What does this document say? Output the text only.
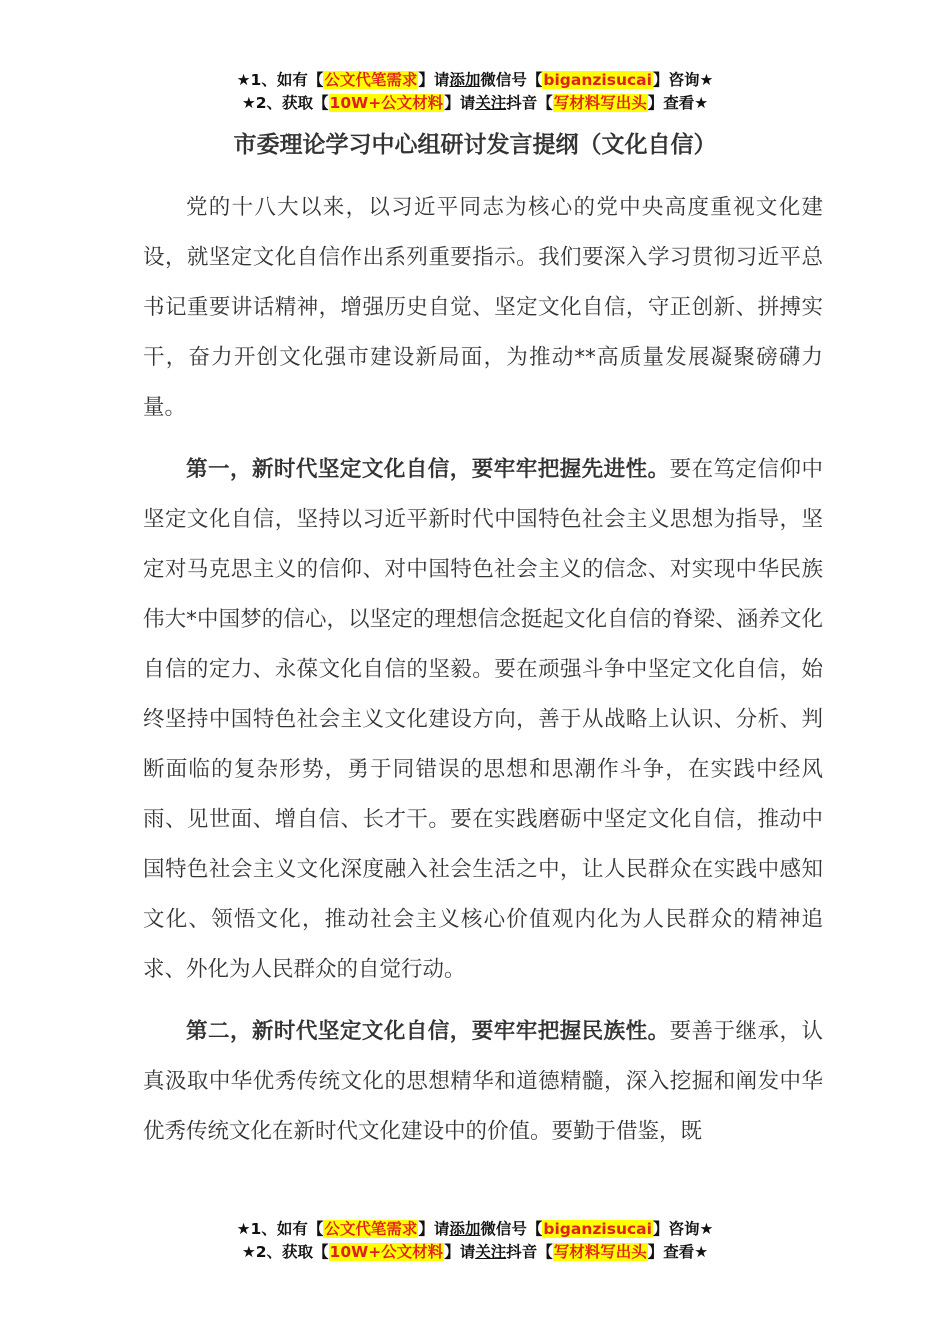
★1、如有【公文代笔需求】请添加微信号【biganzisucai】咨询★
★2、获取【10W+公文材料】请关注抖音【写材料写出头】查看★
市委理论学习中心组研讨发言提纲（文化自信）

党的十八大以来，以习近平同志为核心的党中央高度重视文化建设，就坚定文化自信作出系列重要指示。我们要深入学习贯彻习近平总书记重要讲话精神，增强历史自觉、坚定文化自信，守正创新、拼搏实干，奋力开创文化强市建设新局面，为推动**高质量发展凝聚磅礴力量。

第一，新时代坚定文化自信，要牢牢把握先进性。要在笃定信仰中坚定文化自信，坚持以习近平新时代中国特色社会主义思想为指导，坚定对马克思主义的信仰、对中国特色社会主义的信念、对实现中华民族伟大*中国梦的信心，以坚定的理想信念挺起文化自信的脊梁、涵养文化自信的定力、永葆文化自信的坚毅。要在顽强斗争中坚定文化自信，始终坚持中国特色社会主义文化建设方向，善于从战略上认识、分析、判断面临的复杂形势，勇于同错误的思想和思潮作斗争，在实践中经风雨、见世面、增自信、长才干。要在实践磨砺中坚定文化自信，推动中国特色社会主义文化深度融入社会生活之中，让人民群众在实践中感知文化、领悟文化，推动社会主义核心价值观内化为人民群众的精神追求、外化为人民群众的自觉行动。

第二，新时代坚定文化自信，要牢牢把握民族性。要善于继承，认真汲取中华优秀传统文化的思想精华和道德精髓，深入挖掘和阐发中华优秀传统文化在新时代文化建设中的价值。要勤于借鉴，既

★1、如有【公文代笔需求】请添加微信号【biganzisucai】咨询★
★2、获取【10W+公文材料】请关注抖音【写材料写出头】查看★
